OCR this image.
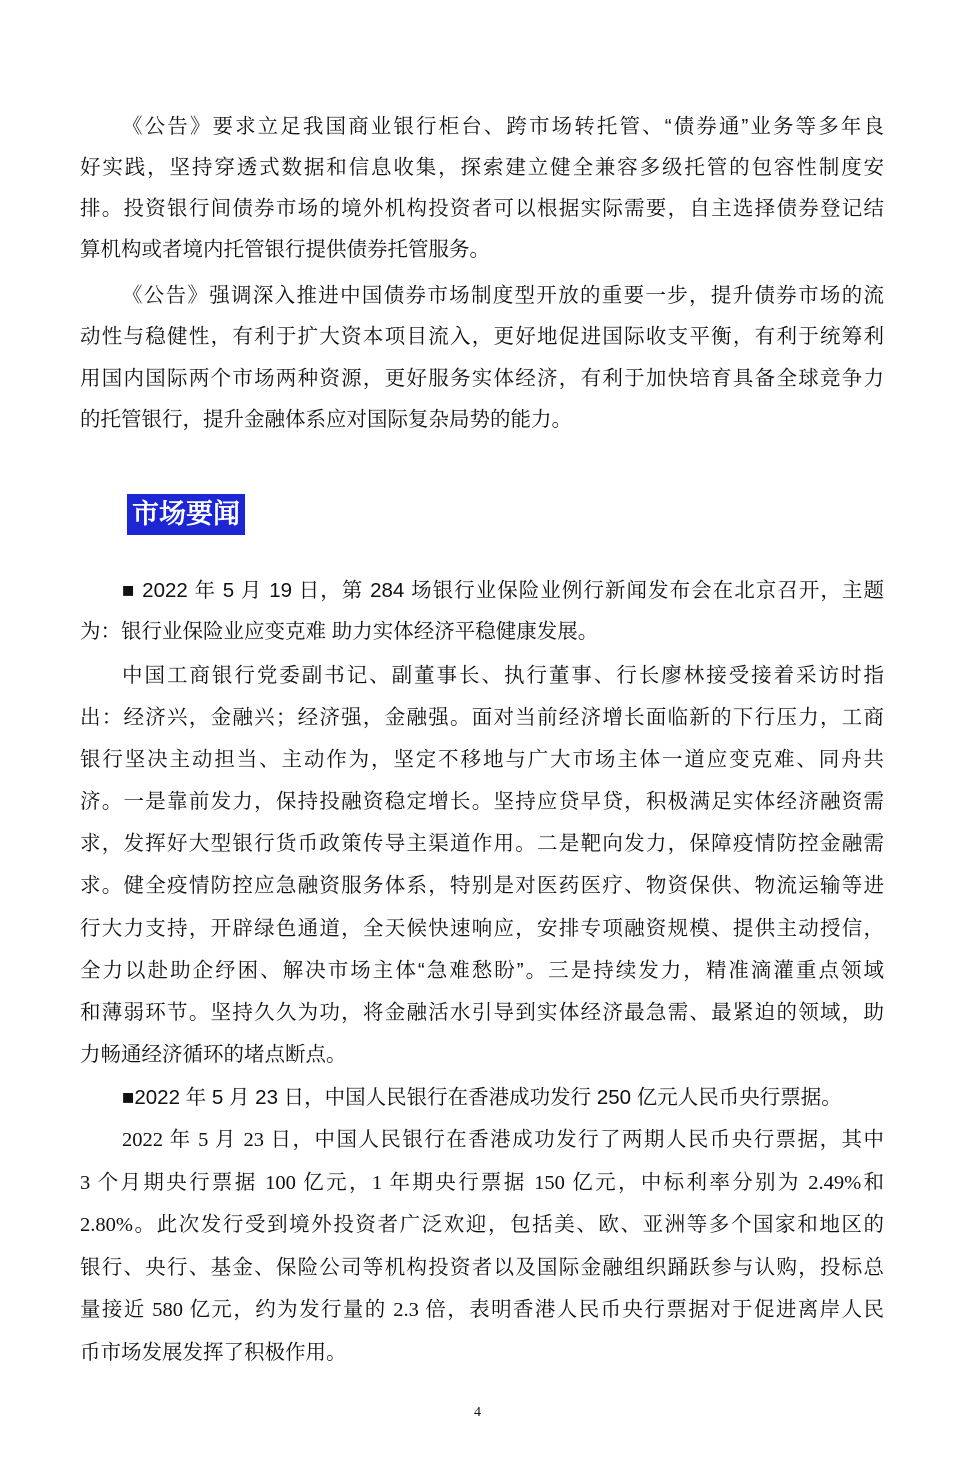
《公告》要求立足我国商业银行柜台、跨市场转托管、“债券通”业务等多年良
好实践，坚持穿透式数据和信息收集，探索建立健全兼容多级托管的包容性制度安
排。投资银行间债券市场的境外机构投资者可以根据实际需要，自主选择债券登记结
算机构或者境内托管银行提供债券托管服务。
《公告》强调深入推进中国债券市场制度型开放的重要一步，提升债券市场的流
动性与稳健性，有利于扩大资本项目流入，更好地促进国际收支平衡，有利于统筹利
用国内国际两个市场两种资源，更好服务实体经济，有利于加快培育具备全球竞争力
的托管银行，提升金融体系应对国际复杂局势的能力。
市场要闻
■ 2022 年 5 月 19 日，第 284 场银行业保险业例行新闻发布会在北京召开，主题
为：银行业保险业应变克难 助力实体经济平稳健康发展。
中国工商银行党委副书记、副董事长、执行董事、行长廖林接受接着采访时指
出：经济兴，金融兴；经济强，金融强。面对当前经济增长面临新的下行压力，工商
银行坚决主动担当、主动作为，坚定不移地与广大市场主体一道应变克难、同舟共
济。一是靠前发力，保持投融资稳定增长。坚持应贷早贷，积极满足实体经济融资需
求，发挥好大型银行货币政策传导主渠道作用。二是靶向发力，保障疫情防控金融需
求。健全疫情防控应急融资服务体系，特别是对医药医疗、物资保供、物流运输等进
行大力支持，开辟绿色通道，全天候快速响应，安排专项融资规模、提供主动授信，
全力以赴助企纾困、解决市场主体“急难愁盼”。三是持续发力，精准滴灌重点领域
和薄弱环节。坚持久久为功，将金融活水引导到实体经济最急需、最紧迫的领域，助
力畅通经济循环的堵点断点。
■2022 年 5 月 23 日，中国人民银行在香港成功发行 250 亿元人民币央行票据。
2022 年 5 月 23 日，中国人民银行在香港成功发行了两期人民币央行票据，其中
3 个月期央行票据 100 亿元，1 年期央行票据 150 亿元，中标利率分别为 2.49%和
2.80%。此次发行受到境外投资者广泛欢迎，包括美、欧、亚洲等多个国家和地区的
银行、央行、基金、保险公司等机构投资者以及国际金融组织踊跃参与认购，投标总
量接近 580 亿元，约为发行量的 2.3 倍，表明香港人民币央行票据对于促进离岸人民
币市场发展发挥了积极作用。
4
